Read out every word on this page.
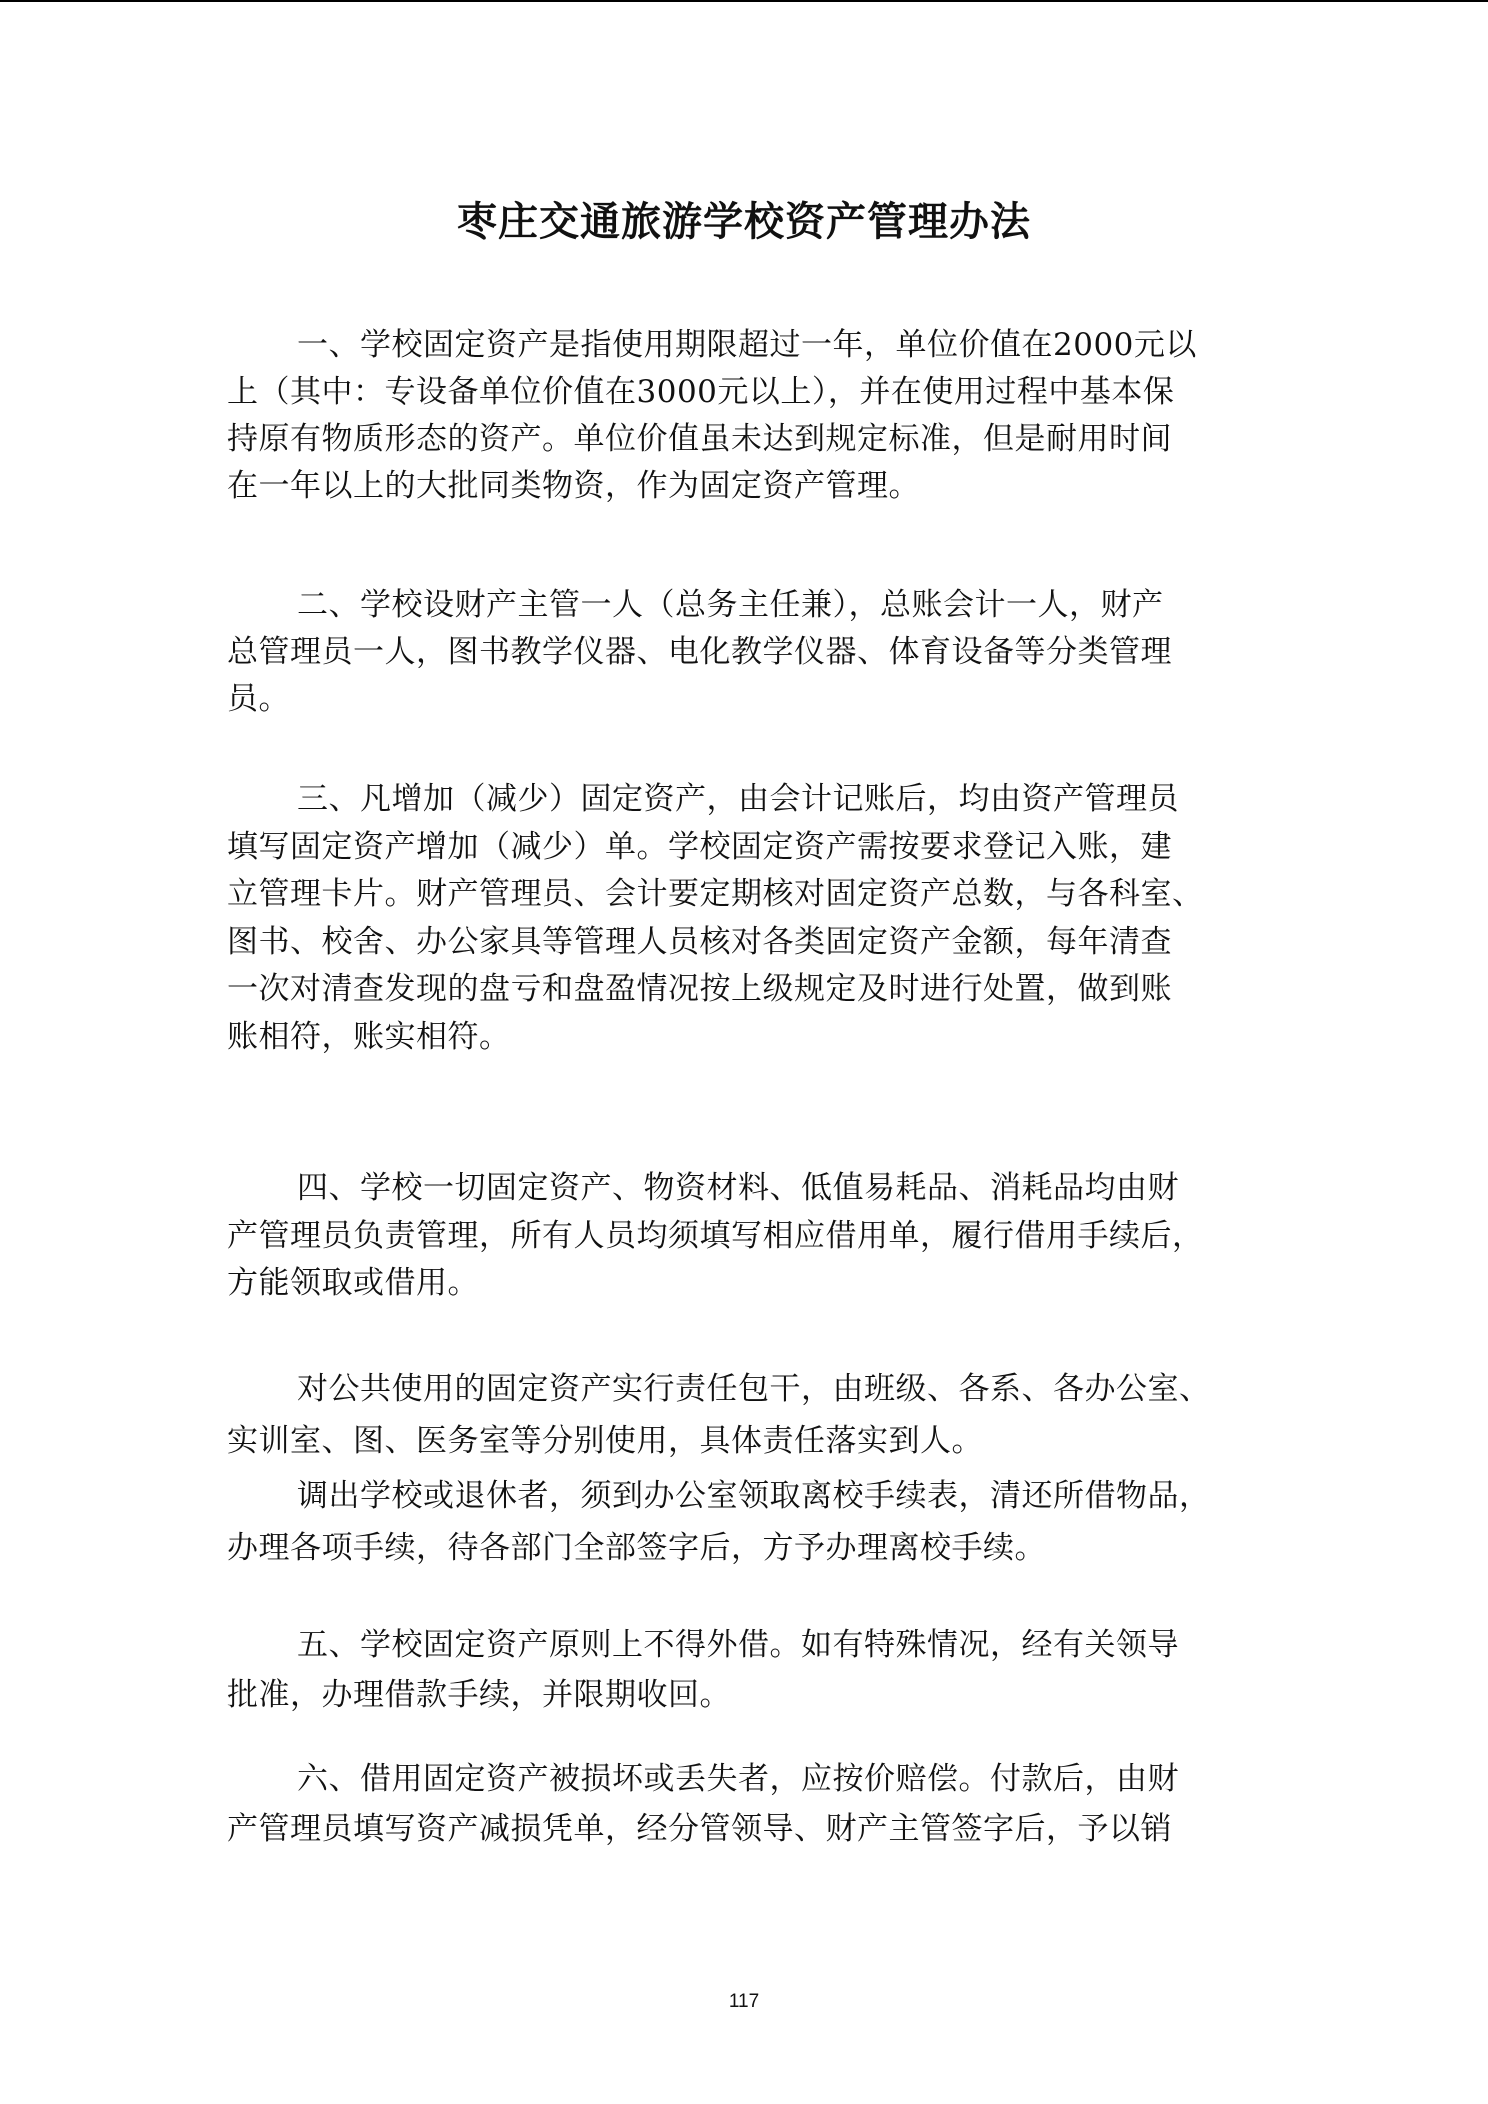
枣庄交通旅游学校资产管理办法
一、学校固定资产是指使用期限超过一年，单位价值在2000元以
上（其中：专设备单位价值在3000元以上），并在使用过程中基本保
持原有物质形态的资产。单位价值虽未达到规定标准，但是耐用时间
在一年以上的大批同类物资，作为固定资产管理。
二、学校设财产主管一人（总务主任兼），总账会计一人，财产
总管理员一人，图书教学仪器、电化教学仪器、体育设备等分类管理
员。
三、凡增加（减少）固定资产，由会计记账后，均由资产管理员
填写固定资产增加（减少）单。学校固定资产需按要求登记入账，建
立管理卡片。财产管理员、会计要定期核对固定资产总数，与各科室、
图书、校舍、办公家具等管理人员核对各类固定资产金额，每年清查
一次对清查发现的盘亏和盘盈情况按上级规定及时进行处置，做到账
账相符，账实相符。
四、学校一切固定资产、物资材料、低值易耗品、消耗品均由财
产管理员负责管理，所有人员均须填写相应借用单，履行借用手续后，
方能领取或借用。
对公共使用的固定资产实行责任包干，由班级、各系、各办公室、
实训室、图、医务室等分别使用，具体责任落实到人。
调出学校或退休者，须到办公室领取离校手续表，清还所借物品，
办理各项手续，待各部门全部签字后，方予办理离校手续。
五、学校固定资产原则上不得外借。如有特殊情况，经有关领导
批准，办理借款手续，并限期收回。
六、借用固定资产被损坏或丢失者，应按价赔偿。付款后，由财
产管理员填写资产减损凭单，经分管领导、财产主管签字后，予以销
117
